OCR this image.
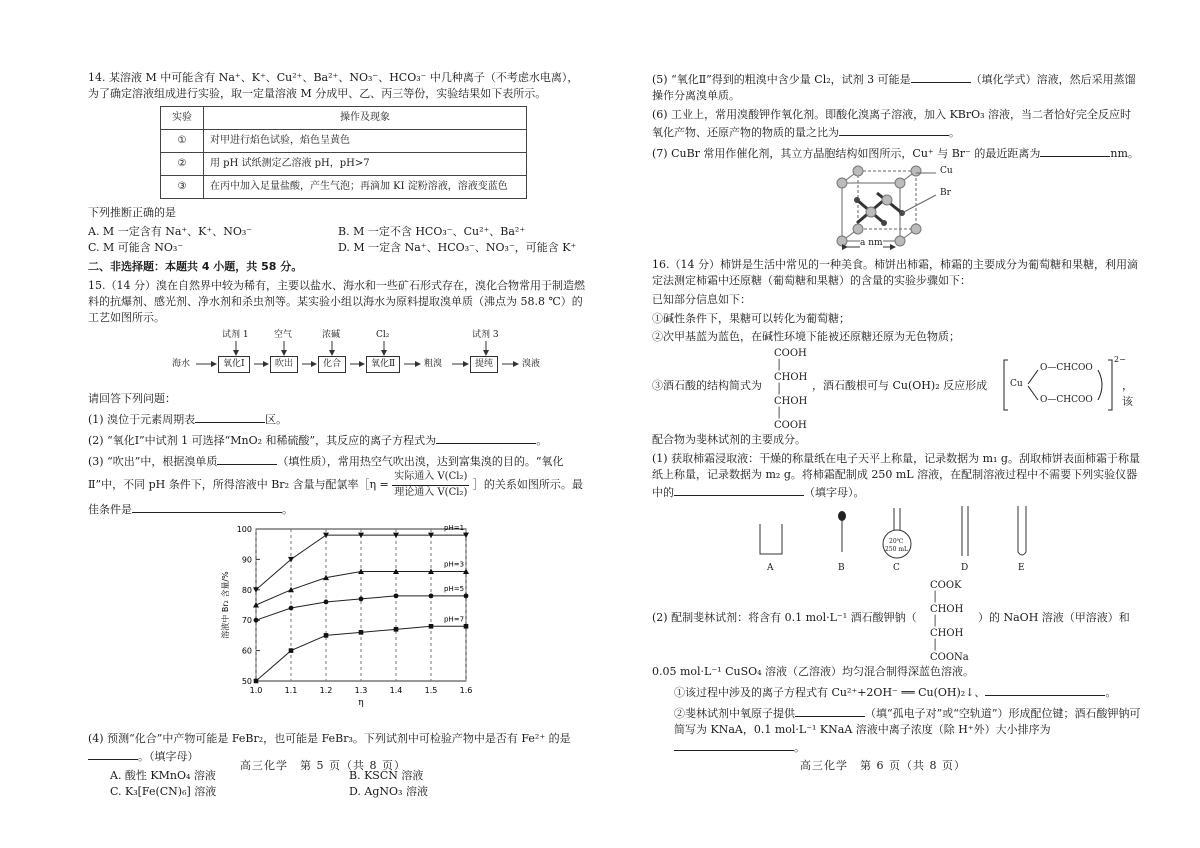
14. 某溶液 M 中可能含有 Na⁺、K⁺、Cu²⁺、Ba²⁺、NO₃⁻、HCO₃⁻ 中几种离子（不考虑水电离），为了确定溶液组成进行实验，取一定量溶液 M 分成甲、乙、丙三等份，实验结果如下表所示。
实验	操作及现象
①	对甲进行焰色试验，焰色呈黄色
②	用 pH 试纸测定乙溶液 pH，pH>7
③	在丙中加入足量盐酸，产生气泡；再滴加 KI 淀粉溶液，溶液变蓝色
下列推断正确的是
A. M 一定含有 Na⁺、K⁺、NO₃⁻	B. M 一定不含 HCO₃⁻、Cu²⁺、Ba²⁺
C. M 可能含 NO₃⁻	D. M 一定含 Na⁺、HCO₃⁻、NO₃⁻，可能含 K⁺
二、非选择题：本题共 4 小题，共 58 分。
15.（14 分）溴在自然界中较为稀有，主要以盐水、海水和一些矿石形式存在，溴化合物常用于制造燃料的抗爆剂、感光剂、净水剂和杀虫剂等。某实验小组以海水为原料提取溴单质（沸点为 58.8 ℃）的工艺如图所示。
海水	氧化Ⅰ	吹出	化合	氧化Ⅱ	粗溴	提纯	溴液
试剂 1	空气	浓碱	Cl₂	试剂 3
请回答下列问题：
(1) 溴位于元素周期表	区。
(2) “氧化Ⅰ”中试剂 1 可选择“MnO₂ 和稀硫酸”，其反应的离子方程式为	。
(3) “吹出”中，根据溴单质	（填性质），常用热空气吹出溴，达到富集溴的目的。“氧化Ⅱ”中，不同 pH 条件下，所得溶液中 Br₂ 含量与配氯率［η = $\frac{\text{实际通入 V(Cl₂)}}{\text{理论通入 V(Cl₂)}}$ ］的关系如图所示。最佳条件是	。
1.0	1.1	1.2	1.3	1.4	1.5	1.6
50
60
70
80
90
100
η
溶液中 Br₂ 含量/%
pH=1
pH=3
pH=5
pH=7
(4) 预测“化合”中产物可能是 FeBr₂，也可能是 FeBr₃。下列试剂中可检验产物中是否有 Fe²⁺ 的是。（填字母）
A. 酸性 KMnO₄ 溶液	B. KSCN 溶液
C. K₃[Fe(CN)₆] 溶液	D. AgNO₃ 溶液
高三化学　第 5 页（共 8 页）
(5) “氧化Ⅱ”得到的粗溴中含少量 Cl₂，试剂 3 可能是	（填化学式）溶液，然后采用蒸馏操作分离溴单质。
(6) 工业上，常用溴酸钾作氧化剂。即酸化溴离子溶液，加入 KBrO₃ 溶液，当二者恰好完全反应时氧化产物、还原产物的物质的量之比为	。
(7) CuBr 常用作催化剂，其立方晶胞结构如图所示，Cu⁺ 与 Br⁻ 的最近距离为	nm。
Cu
Br
a nm
16.（14 分）柿饼是生活中常见的一种美食。柿饼出柿霜，柿霜的主要成分为葡萄糖和果糖，利用滴定法测定柿霜中还原糖（葡萄糖和果糖）的含量的实验步骤如下：
已知部分信息如下：
①碱性条件下，果糖可以转化为葡萄糖；
②次甲基蓝为蓝色，在碱性环境下能被还原糖还原为无色物质；
③酒石酸的结构简式为
COOH
│
CHOH
│
CHOH
│
COOH
，酒石酸根可与 Cu(OH)₂ 反应形成	Cu
O—CHCOO
O—CHCOO
2−
，该
配合物为斐林试剂的主要成分。
(1) 获取柿霜浸取液：干燥的称量纸在电子天平上称量，记录数据为 m₁ g。刮取柿饼表面柿霜于称量纸上称量，记录数据为 m₂ g。将柿霜配制成 250 mL 溶液，在配制溶液过程中不需要下列实验仪器中的	（填字母）。
20℃
250 mL
A	B	C	D	E
(2) 配制斐林试剂：将含有 0.1 mol·L⁻¹ 酒石酸钾钠（
COOK
│
CHOH
│
CHOH
│
COONa
）的 NaOH 溶液（甲溶液）和
0.05 mol·L⁻¹ CuSO₄ 溶液（乙溶液）均匀混合制得深蓝色溶液。
①该过程中涉及的离子方程式有 Cu²⁺+2OH⁻ ══ Cu(OH)₂↓、	。
②斐林试剂中氧原子提供	（填“孤电子对”或“空轨道”）形成配位键；酒石酸钾钠可简写为 KNaA，0.1 mol·L⁻¹ KNaA 溶液中离子浓度（除 H⁺外）大小排序为。
高三化学　第 6 页（共 8 页）
